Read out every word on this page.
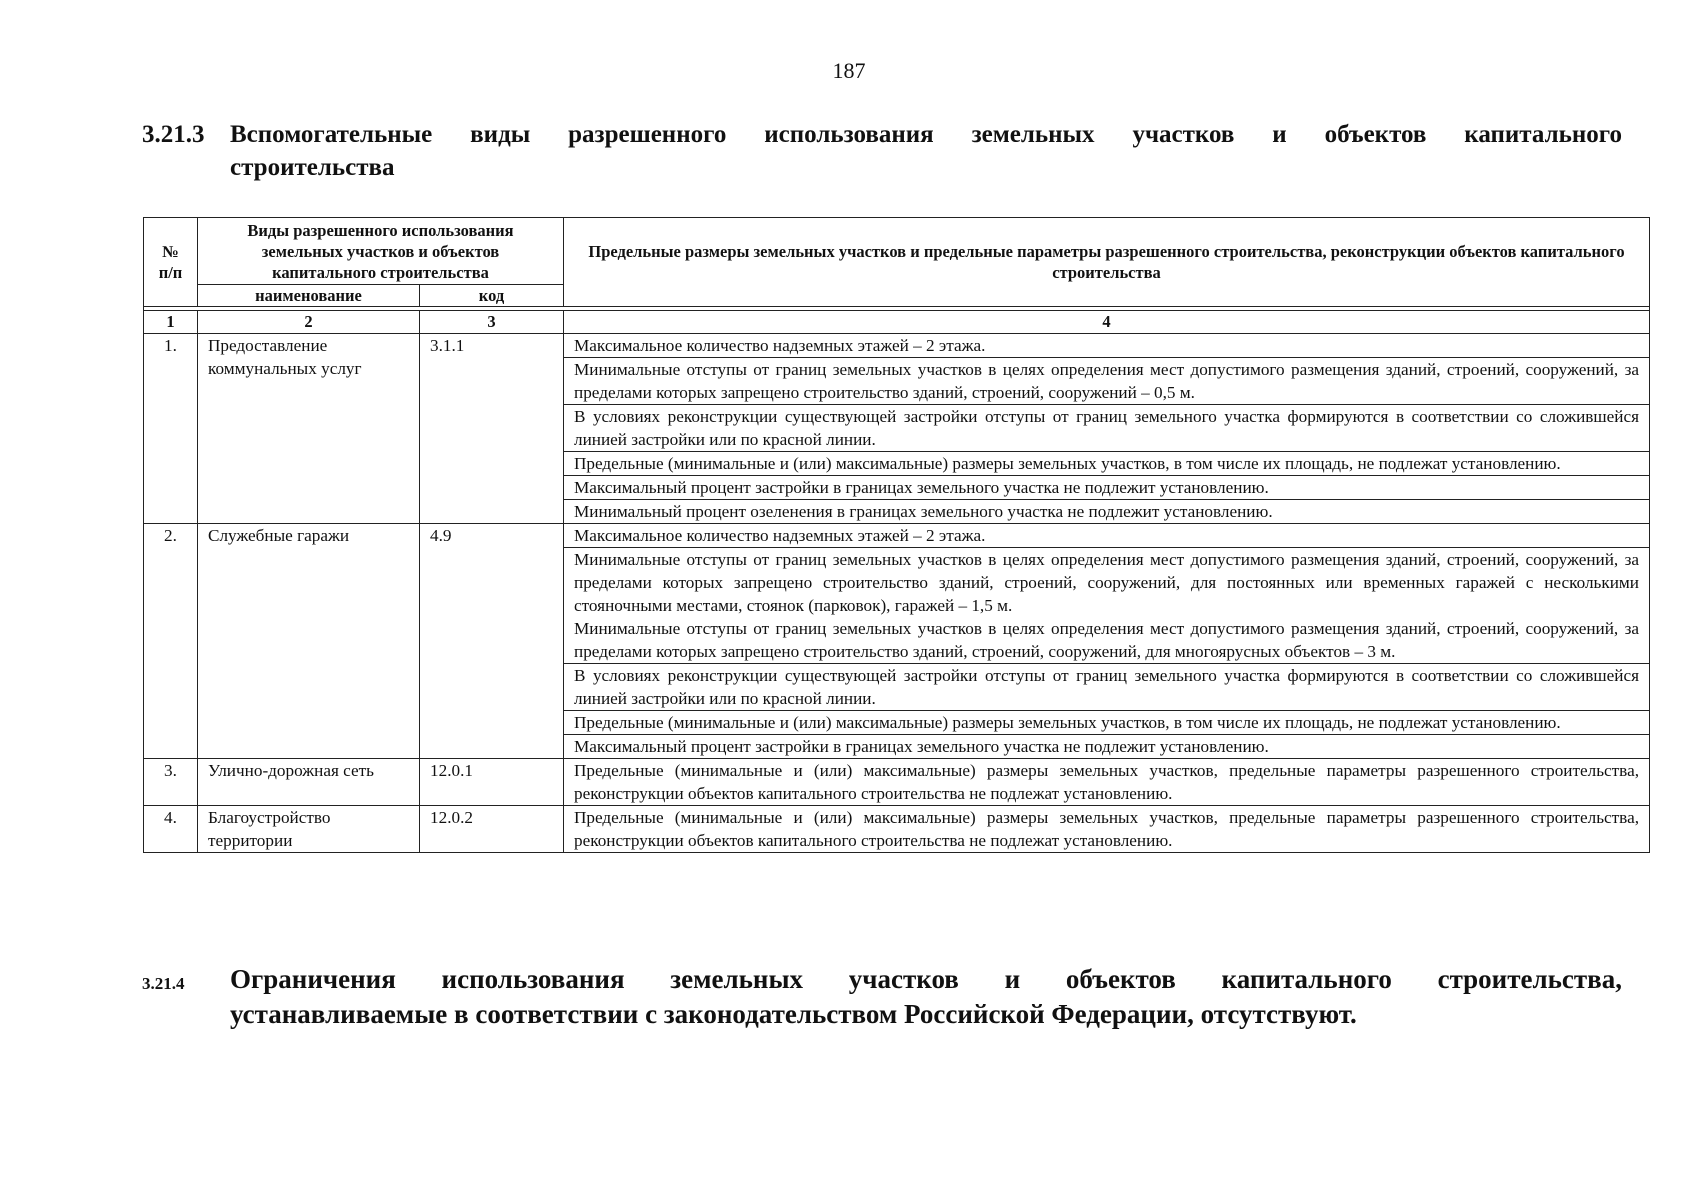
187
3.21.3 Вспомогательные виды разрешенного использования земельных участков и объектов капитального
строительства
№ п/п	Виды разрешенного использования земельных участков и объектов капитального строительства		Предельные размеры земельных участков и предельные параметры разрешенного строительства, реконструкции объектов капитального строительства
	наименование	код	

1	2	3	4
1.	Предоставление коммунальных услуг	3.1.1	Максимальное количество надземных этажей – 2 этажа.
			Минимальные отступы от границ земельных участков в целях определения мест допустимого размещения зданий, строений, сооружений, за пределами которых запрещено строительство зданий, строений, сооружений – 0,5 м.
			В условиях реконструкции существующей застройки отступы от границ земельного участка формируются в соответствии со сложившейся линией застройки или по красной линии.
			Предельные (минимальные и (или) максимальные) размеры земельных участков, в том числе их площадь, не подлежат установлению.
			Максимальный процент застройки в границах земельного участка не подлежит установлению.
			Минимальный процент озеленения в границах земельного участка не подлежит установлению.
2.	Служебные гаражи	4.9	Максимальное количество надземных этажей – 2 этажа.

			Минимальные отступы от границ земельных участков в целях определения мест допустимого размещения зданий, строений, сооружений, за пределами которых запрещено строительство зданий, строений, сооружений, для постоянных или временных гаражей с несколькими стояночными местами, стоянок (парковок), гаражей – 1,5 м.
Минимальные отступы от границ земельных участков в целях определения мест допустимого размещения зданий, строений, сооружений, за пределами которых запрещено строительство зданий, строений, сооружений, для многоярусных объектов – 3 м.

			В условиях реконструкции существующей застройки отступы от границ земельного участка формируются в соответствии со сложившейся линией застройки или по красной линии.
			Предельные (минимальные и (или) максимальные) размеры земельных участков, в том числе их площадь, не подлежат установлению.
			Максимальный процент застройки в границах земельного участка не подлежит установлению.
3.	Улично-дорожная сеть	12.0.1	Предельные (минимальные и (или) максимальные) размеры земельных участков, предельные параметры разрешенного строительства, реконструкции объектов капитального строительства не подлежат установлению.
4.	Благоустройство территории	12.0.2	Предельные (минимальные и (или) максимальные) размеры земельных участков, предельные параметры разрешенного строительства, реконструкции объектов капитального строительства не подлежат установлению.
3.21.4 Ограничения использования земельных участков и объектов капитального строительства,
устанавливаемые в соответствии с законодательством Российской Федерации, отсутствуют.
